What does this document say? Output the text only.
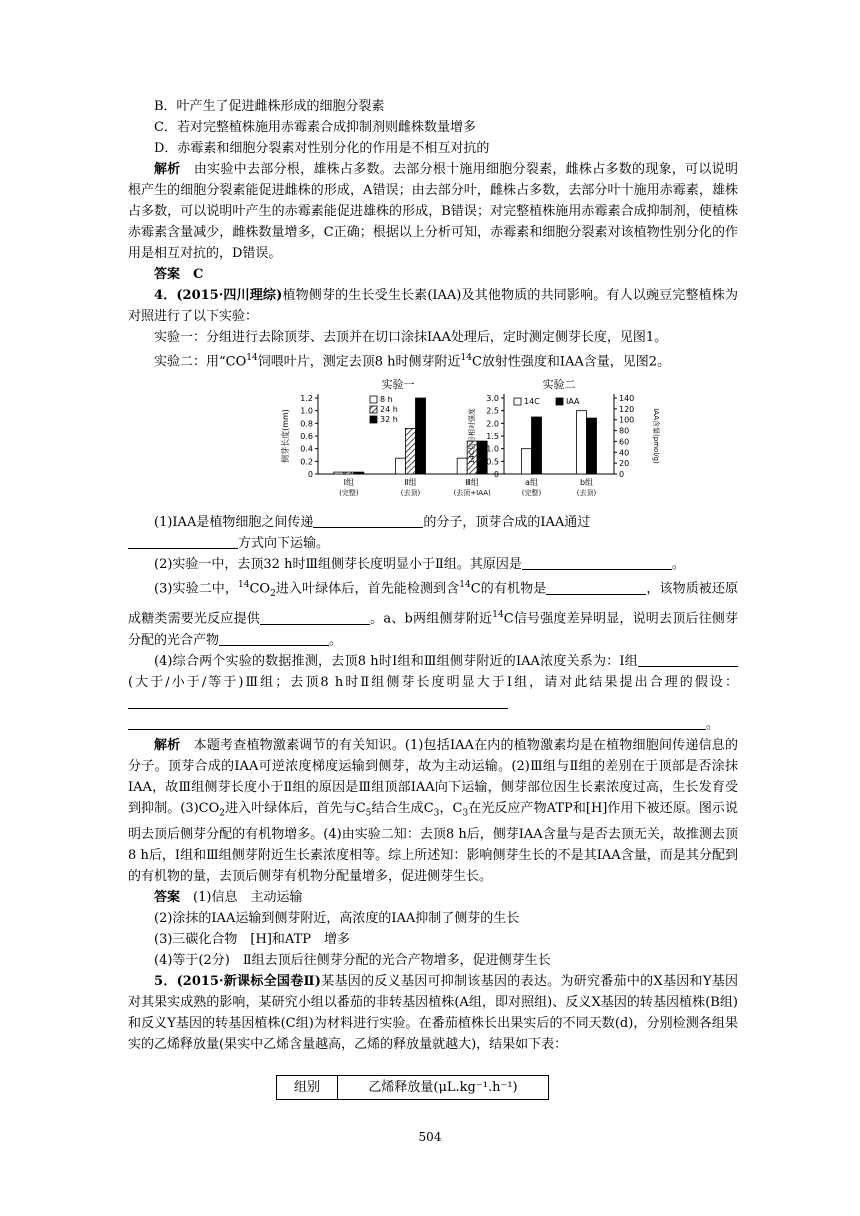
B．叶产生了促进雌株形成的细胞分裂素

C．若对完整植株施用赤霉素合成抑制剂则雌株数量增多

D．赤霉素和细胞分裂素对性别分化的作用是不相互对抗的

解析　 由实验中去部分根，雄株占多数。去部分根十施用细胞分裂素，雌株占多数的现象，可以说明根产生的细胞分裂素能促进雌株的形成，A错误；由去部分叶，雌株占多数，去部分叶十施用赤霉素，雄株占多数，可以说明叶产生的赤霉素能促进雄株的形成，B错误；对完整植株施用赤霉素合成抑制剂，使植株赤霉素含量减少，雌株数量增多，C正确；根据以上分析可知，赤霉素和细胞分裂素对该植物性别分化的作用是相互对抗的，D错误。

答案　 C

4．(2015·四川理综)植物侧芽的生长受生长素(IAA)及其他物质的共同影响。有人以豌豆完整植株为对照进行了以下实验：

实验一：分组进行去除顶芽、去顶并在切口涂抹IAA处理后，定时测定侧芽长度，见图1。

实验二：用“CO$^{14}$饲喂叶片，测定去顶8 h时侧芽附近$^{14}$C放射性强度和IAA含量，见图2。

实验一
0
0.2
0.4
0.6
0.8
1.0
1.2
侧芽长度(mm)
Ⅰ组
(完整)
Ⅱ组
(去顶)
Ⅲ组
(去顶+IAA)
8 h
24 h
32 h
实验二
0
0.5
1.0
1.5
2.0
2.5
3.0
0
20
40
60
80
100
120
140
14C信号相对强度	IAA含量(pmol/g)
a组
(完整)
b组
(去顶)
14C	IAA

(1)IAA是植物细胞之间传递	的分子，顶芽合成的IAA通过
方式向下运输。

(2)实验一中，去顶32 h时Ⅲ组侧芽长度明显小于Ⅱ组。其原因是	。

(3)实验二中，$^{14}CO_2$进入叶绿体后，首先能检测到含$^{14}$C的有机物是	，该物质被还原成糖类需要光反应提供	。a、b两组侧芽附近$^{14}$C信号强度差异明显，说明去顶后往侧芽分配的光合产物	。

(4)综合两个实验的数据推测，去顶8 h时Ⅰ组和Ⅲ组侧芽附近的IAA浓度关系为：Ⅰ组(大于/小于/等于)Ⅲ组；去顶8 h时Ⅱ组侧芽长度明显大于Ⅰ组，请对此结果提出合理的假设：
。

解析　 本题考查植物激素调节的有关知识。(1)包括IAA在内的植物激素均是在植物细胞间传递信息的分子。顶芽合成的IAA可逆浓度梯度运输到侧芽，故为主动运输。(2)Ⅲ组与Ⅱ组的差别在于顶部是否涂抹IAA，故Ⅲ组侧芽长度小于Ⅱ组的原因是Ⅲ组顶部IAA向下运输，侧芽部位因生长素浓度过高，生长发育受到抑制。$(3)CO_2$进入叶绿体后，首先与$C_5$结合生成$C_3$，$C_3$在光反应产物ATP和[H]作用下被还原。图示说明去顶后侧芽分配的有机物增多。(4)由实验二知：去顶8 h后，侧芽IAA含量与是否去顶无关，故推测去顶8 h后，Ⅰ组和Ⅲ组侧芽附近生长素浓度相等。综上所述知：影响侧芽生长的不是其IAA含量，而是其分配到的有机物的量，去顶后侧芽有机物分配量增多，促进侧芽生长。

答案　 (1)信息　主动运输

(2)涂抹的IAA运输到侧芽附近，高浓度的IAA抑制了侧芽的生长

(3)三碳化合物　[H]和ATP　增多

(4)等于(2分)　Ⅱ组去顶后往侧芽分配的光合产物增多，促进侧芽生长

5．(2015·新课标全国卷Ⅱ)某基因的反义基因可抑制该基因的表达。为研究番茄中的X基因和Y基因对其果实成熟的影响，某研究小组以番茄的非转基因植株(A组，即对照组)、反义X基因的转基因植株(B组)和反义Y基因的转基因植株(C组)为材料进行实验。在番茄植株长出果实后的不同天数(d)，分别检测各组果实的乙烯释放量(果实中乙烯含量越高，乙烯的释放量就越大)，结果如下表：

组别	乙烯释放量(μL.kg⁻¹.h⁻¹)
504
